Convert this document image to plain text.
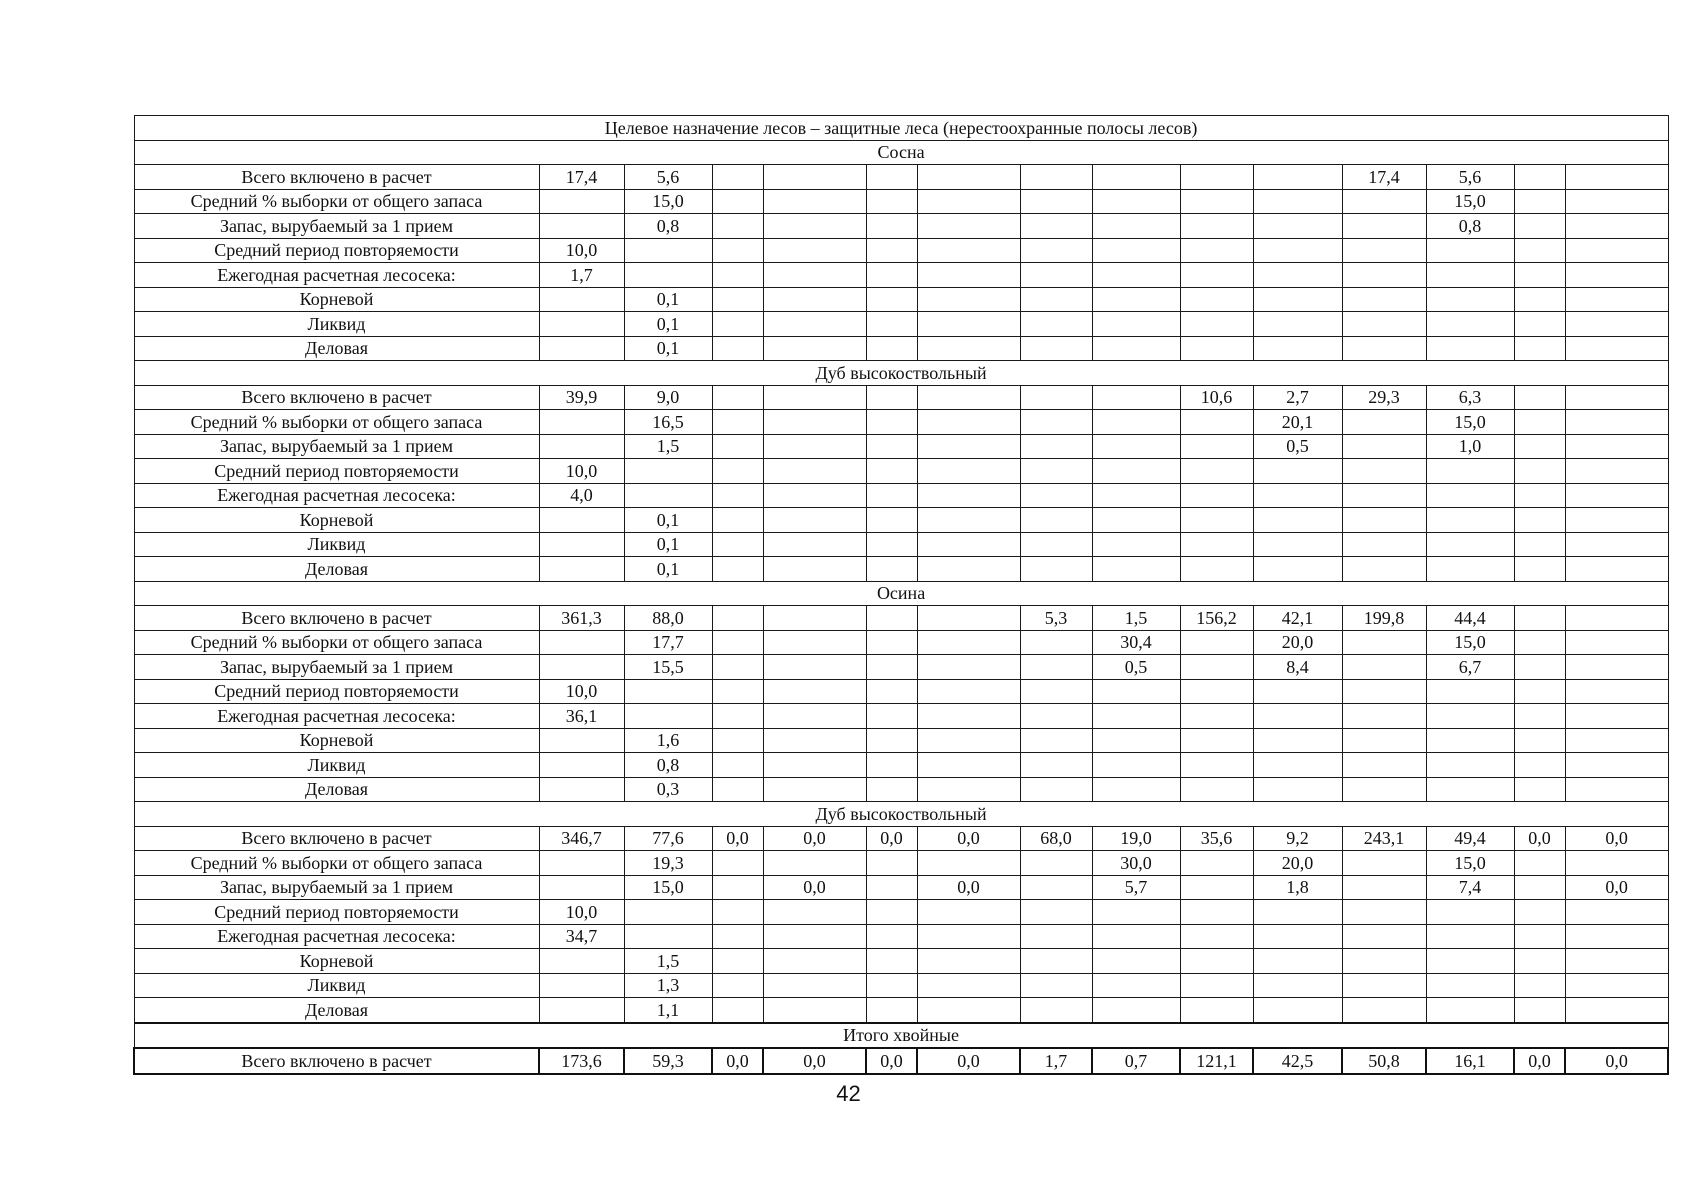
Целевое назначение лесов – защитные леса (нерестоохранные полосы лесов)														
Сосна														
Всего включено в расчет	17,4	5,6									17,4	5,6		
Средний % выборки от общего запаса		15,0										15,0		
Запас, вырубаемый за 1 прием		0,8										0,8		
Средний период повторяемости	10,0													
Ежегодная расчетная лесосека:	1,7													
Корневой		0,1												
Ликвид		0,1												
Деловая		0,1												
Дуб высокоствольный														
Всего включено в расчет	39,9	9,0							10,6	2,7	29,3	6,3		
Средний % выборки от общего запаса		16,5								20,1		15,0		
Запас, вырубаемый за 1 прием		1,5								0,5		1,0		
Средний период повторяемости	10,0													
Ежегодная расчетная лесосека:	4,0													
Корневой		0,1												
Ликвид		0,1												
Деловая		0,1												
Осина														
Всего включено в расчет	361,3	88,0					5,3	1,5	156,2	42,1	199,8	44,4		
Средний % выборки от общего запаса		17,7						30,4		20,0		15,0		
Запас, вырубаемый за 1 прием		15,5						0,5		8,4		6,7		
Средний период повторяемости	10,0													
Ежегодная расчетная лесосека:	36,1													
Корневой		1,6												
Ликвид		0,8												
Деловая		0,3												
Дуб высокоствольный														
Всего включено в расчет	346,7	77,6	0,0	0,0	0,0	0,0	68,0	19,0	35,6	9,2	243,1	49,4	0,0	0,0
Средний % выборки от общего запаса		19,3						30,0		20,0		15,0		
Запас, вырубаемый за 1 прием		15,0		0,0		0,0		5,7		1,8		7,4		0,0
Средний период повторяемости	10,0													
Ежегодная расчетная лесосека:	34,7													
Корневой		1,5												
Ликвид		1,3												
Деловая		1,1												
Итого хвойные														
Всего включено в расчет	173,6	59,3	0,0	0,0	0,0	0,0	1,7	0,7	121,1	42,5	50,8	16,1	0,0	0,0
42
